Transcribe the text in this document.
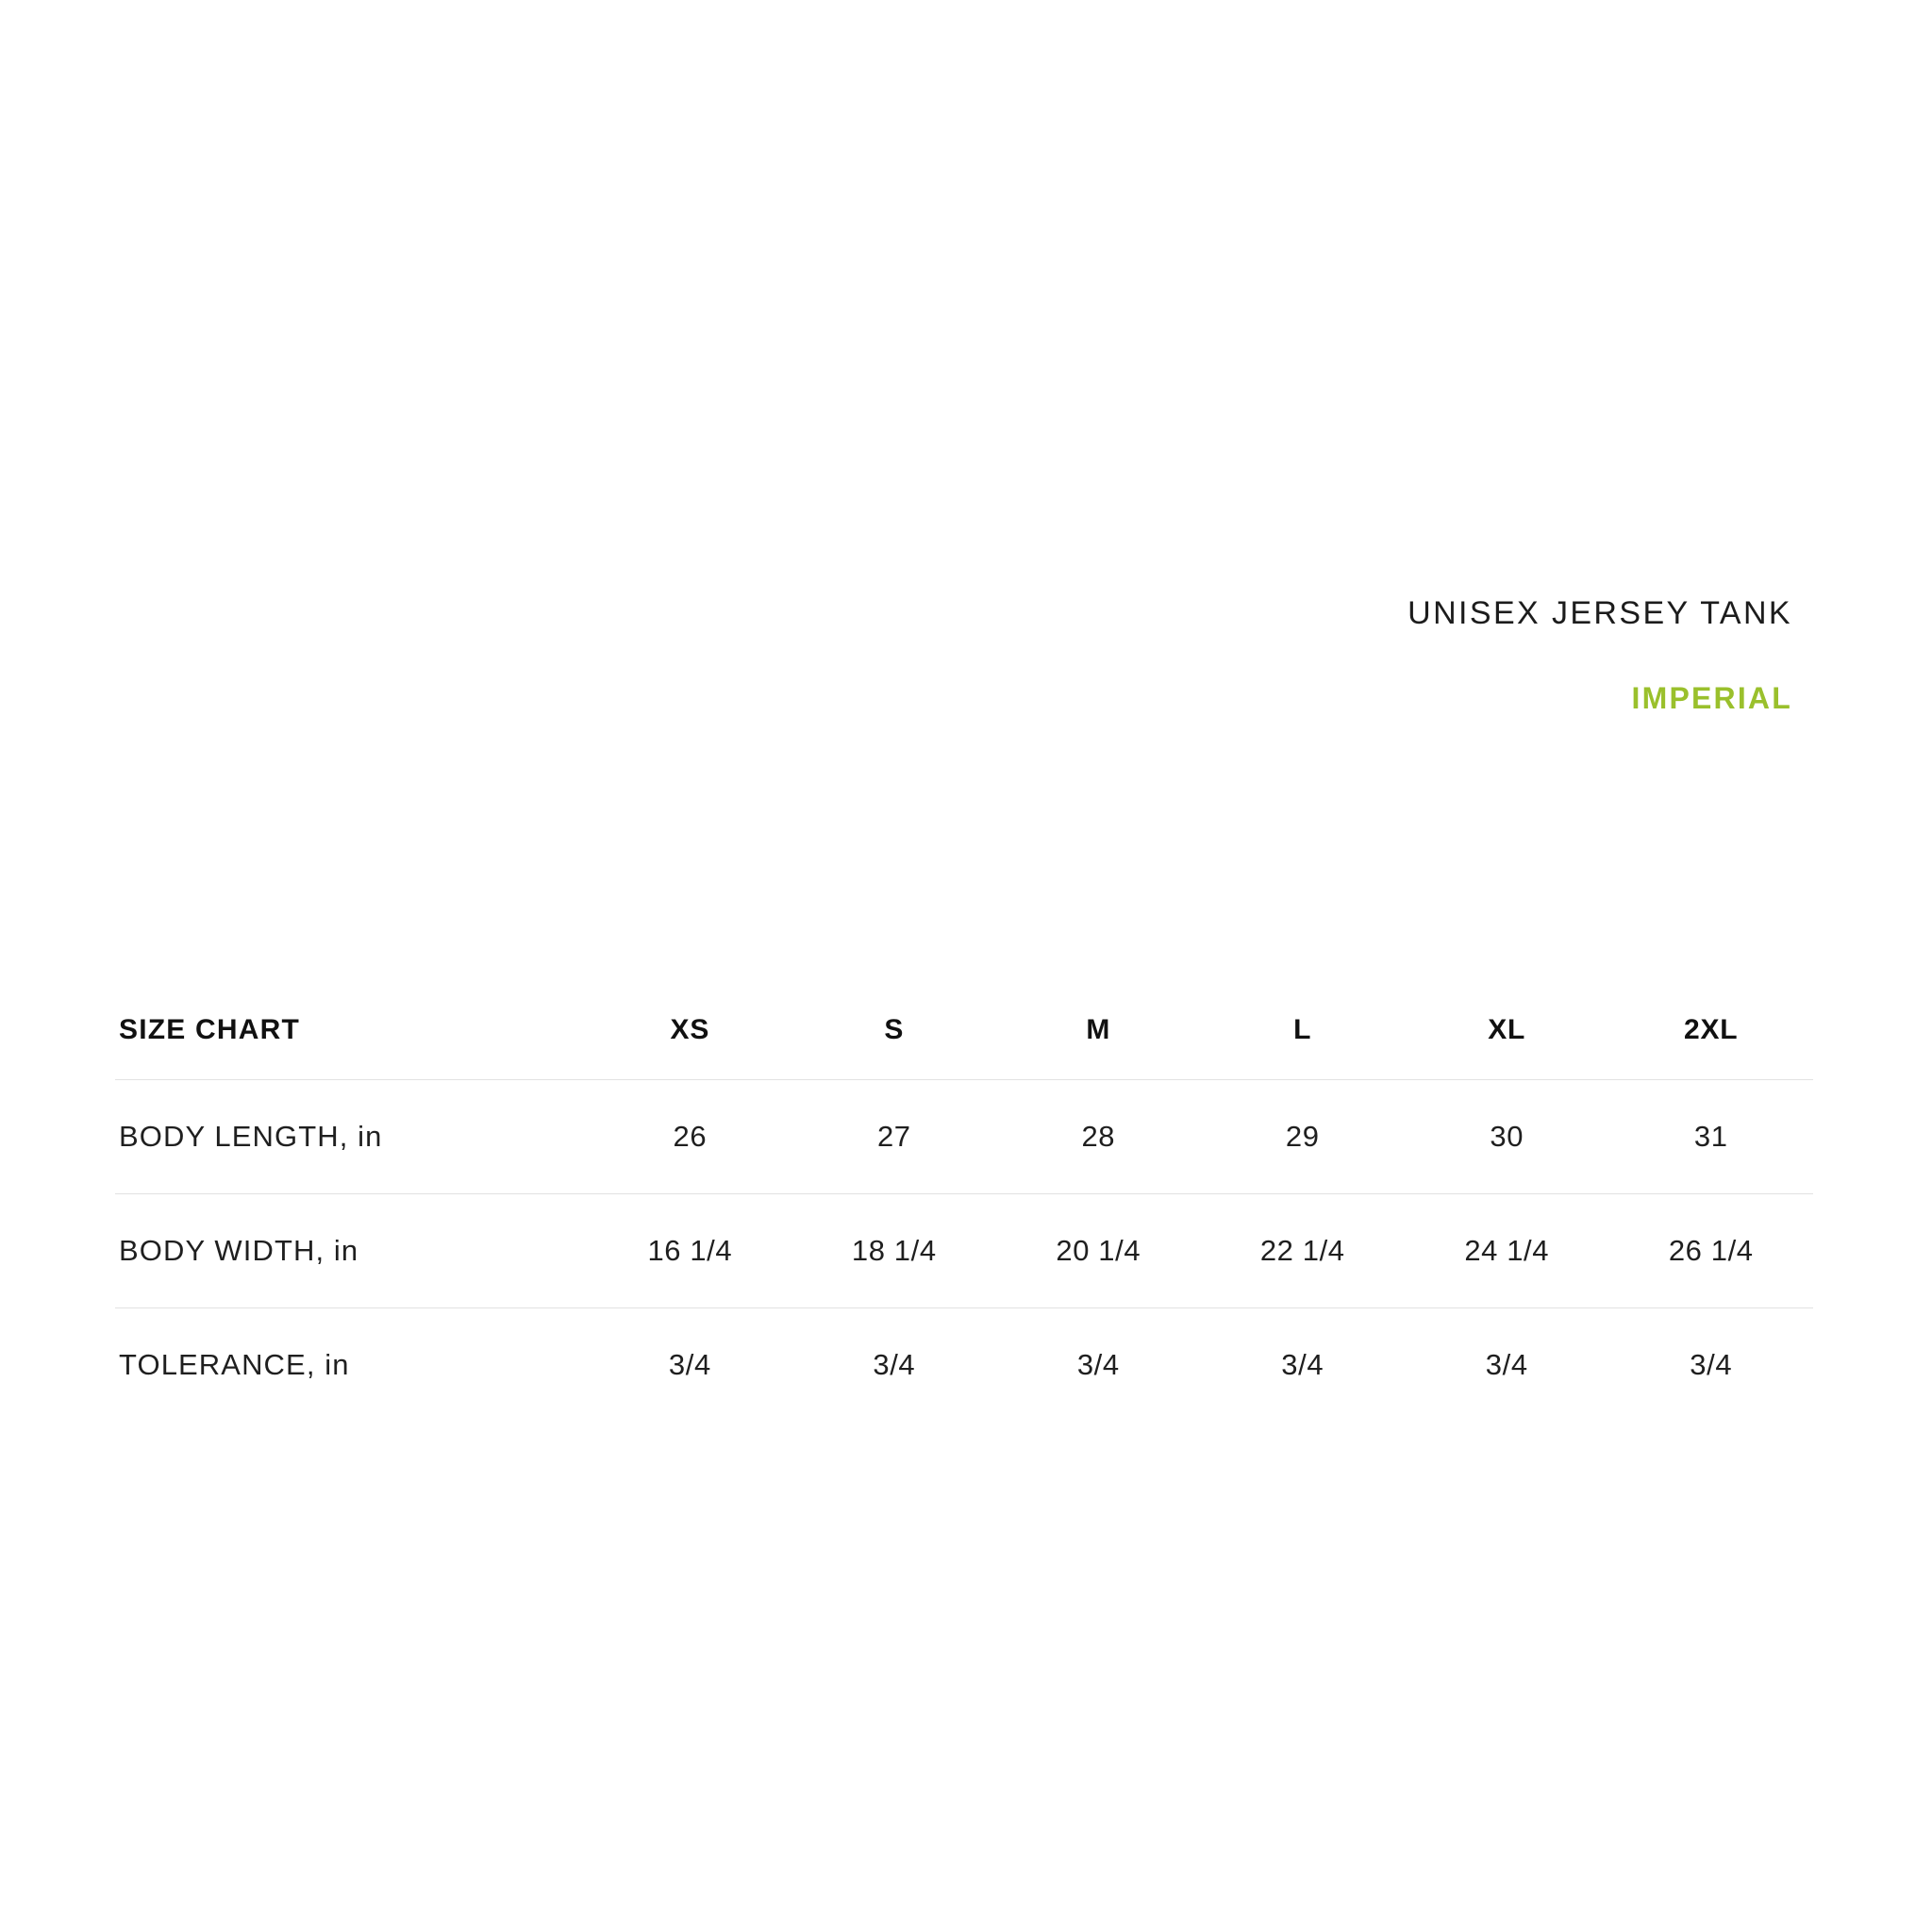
UNISEX JERSEY TANK
IMPERIAL
SIZE CHART	XS	S	M	L	XL	2XL
BODY LENGTH, in	26	27	28	29	30	31
BODY WIDTH, in	16 1/4	18 1/4	20 1/4	22 1/4	24 1/4	26 1/4
TOLERANCE, in	3/4	3/4	3/4	3/4	3/4	3/4
